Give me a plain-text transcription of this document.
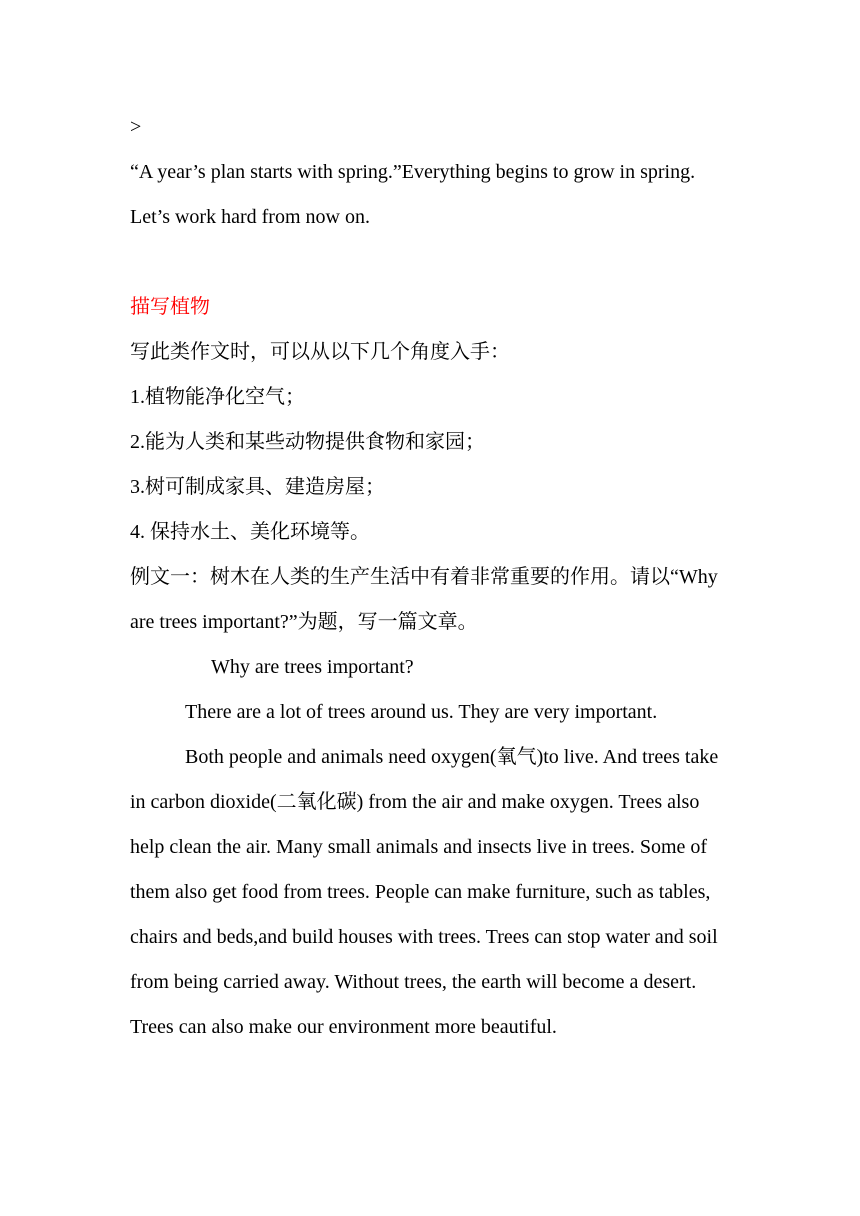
>
“A year’s plan starts with spring.”Everything begins to grow in spring.
Let’s work hard from now on.
描写植物
写此类作文时，可以从以下几个角度入手：
1.植物能净化空气；
2.能为人类和某些动物提供食物和家园；
3.树可制成家具、建造房屋；
4. 保持水土、美化环境等。
例文一：树木在人类的生产生活中有着非常重要的作用。请以“Why
are trees important?”为题，写一篇文章。
Why are trees important?
There are a lot of trees around us. They are very important.
Both people and animals need oxygen(氧气)to live. And trees take
in carbon dioxide(二氧化碳) from the air and make oxygen. Trees also
help clean the air. Many small animals and insects live in trees. Some of
them also get food from trees. People can make furniture, such as tables,
chairs and beds,and build houses with trees. Trees can stop water and soil
from being carried away. Without trees, the earth will become a desert.
Trees can also make our environment more beautiful.
